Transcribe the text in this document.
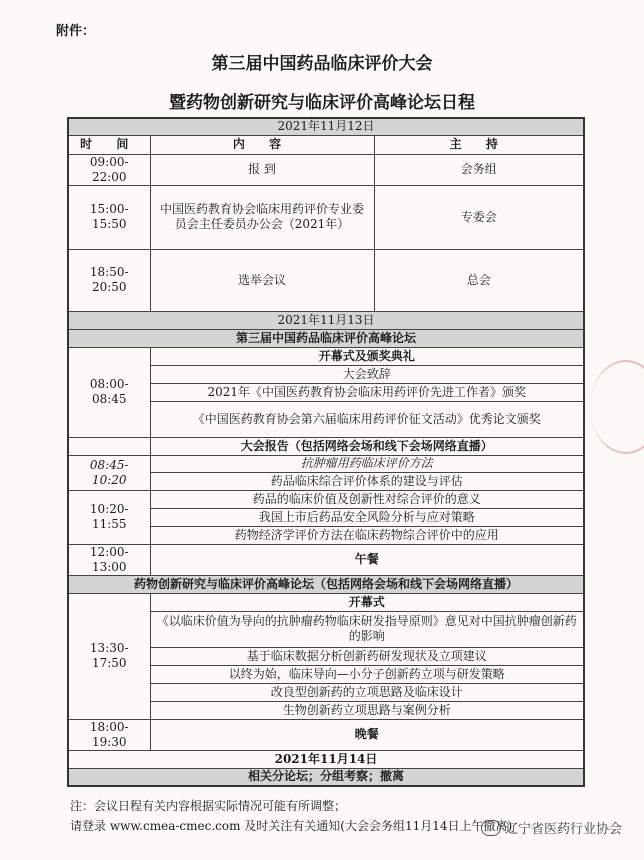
附件：
第三届中国药品临床评价大会
暨药物创新研究与临床评价高峰论坛日程
2021年11月12日		
时 间	内 容	主 持
09:00-22:00	报 到	会务组
15:00-15:50	中国医药教育协会临床用药评价专业委员会主任委员办公会（2021年）	专委会
18:50-20:50	选举会议	总会
2021年11月13日		
第三届中国药品临床评价高峰论坛		
08:00-08:45	开幕式及颁奖典礼	
	大会致辞	
	2021年《中国医药教育协会临床用药评价先进工作者》颁奖	
	《中国医药教育协会第六届临床用药评价征文活动》优秀论文颁奖	
	大会报告（包括网络会场和线下会场网络直播）	
08:45-10:20	抗肿瘤用药临床评价方法	
	药品临床综合评价体系的建设与评估	
10:20-11:55	药品的临床价值及创新性对综合评价的意义	
	我国上市后药品安全风险分析与应对策略	
	药物经济学评价方法在临床药物综合评价中的应用	
12:00-13:00	午餐	
药物创新研究与临床评价高峰论坛（包括网络会场和线下会场网络直播）		
13:30-17:50	开幕式	
	《以临床价值为导向的抗肿瘤药物临床研发指导原则》意见对中国抗肿瘤创新药的影响	
	基于临床数据分析创新药研发现状及立项建议	
	以终为始，临床导向—小分子创新药立项与研发策略	
	改良型创新药的立项思路及临床设计	
	生物创新药立项思路与案例分析	
18:00-19:30	晚餐	
2021年11月14日		
相关分论坛；分组考察；撤离		
注：会议日程有关内容根据实际情况可能有所调整；
请登录 www.cmea-cmec.com 及时关注有关通知(大会会务组11月14日上午撤离)
辽宁省医药行业协会
